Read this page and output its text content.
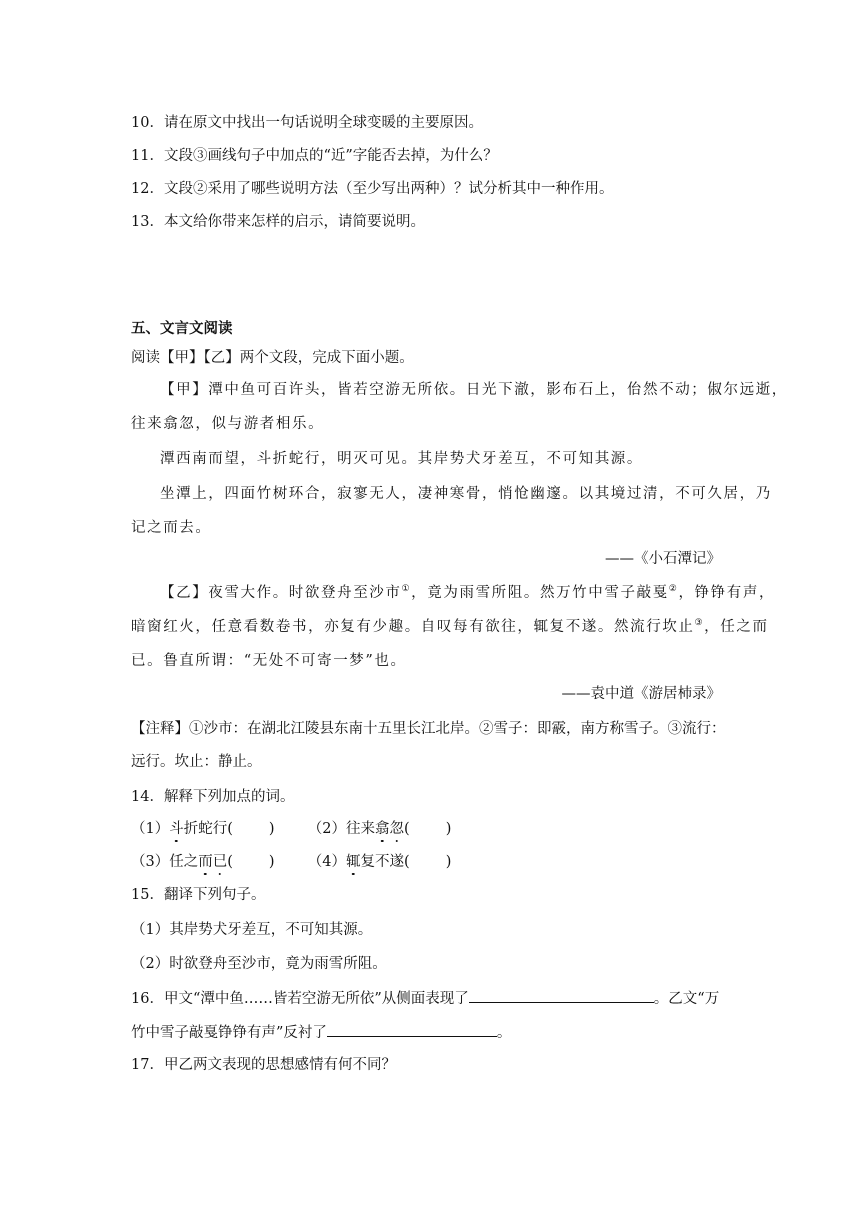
10．请在原文中找出一句话说明全球变暖的主要原因。
11．文段③画线句子中加点的“近”字能否去掉，为什么？
12．文段②采用了哪些说明方法（至少写出两种）？试分析其中一种作用。
13．本文给你带来怎样的启示，请简要说明。
五、文言文阅读
阅读【甲】【乙】两个文段，完成下面小题。
【甲】潭中鱼可百许头，皆若空游无所依。日光下澈，影布石上，佁然不动；俶尔远逝，
往来翕忽，似与游者相乐。
潭西南而望，斗折蛇行，明灭可见。其岸势犬牙差互，不可知其源。
坐潭上，四面竹树环合，寂寥无人，凄神寒骨，悄怆幽邃。以其境过清，不可久居，乃
记之而去。
——《小石潭记》
【乙】夜雪大作。时欲登舟至沙市①，竟为雨雪所阻。然万竹中雪子敲戛②，铮铮有声，
暗窗红火，任意看数卷书，亦复有少趣。自叹每有欲往，辄复不遂。然流行坎止③，任之而
已。鲁直所谓：“无处不可寄一梦”也。
——袁中道《游居杮录》
【注释】①沙市：在湖北江陵县东南十五里长江北岸。②雪子：即霰，南方称雪子。③流行：
远行。坎止：静止。
14．解释下列加点的词。
（1）斗折蛇行( ) （2）往来翕忽( )
（3）任之而已( ) （4）辄复不遂( )
15．翻译下列句子。
（1）其岸势犬牙差互，不可知其源。
（2）时欲登舟至沙市，竟为雨雪所阻。
16．甲文“潭中鱼……皆若空游无所依”从侧面表现了	。乙文“万
竹中雪子敲戛铮铮有声”反衬了	。
17．甲乙两文表现的思想感情有何不同？
